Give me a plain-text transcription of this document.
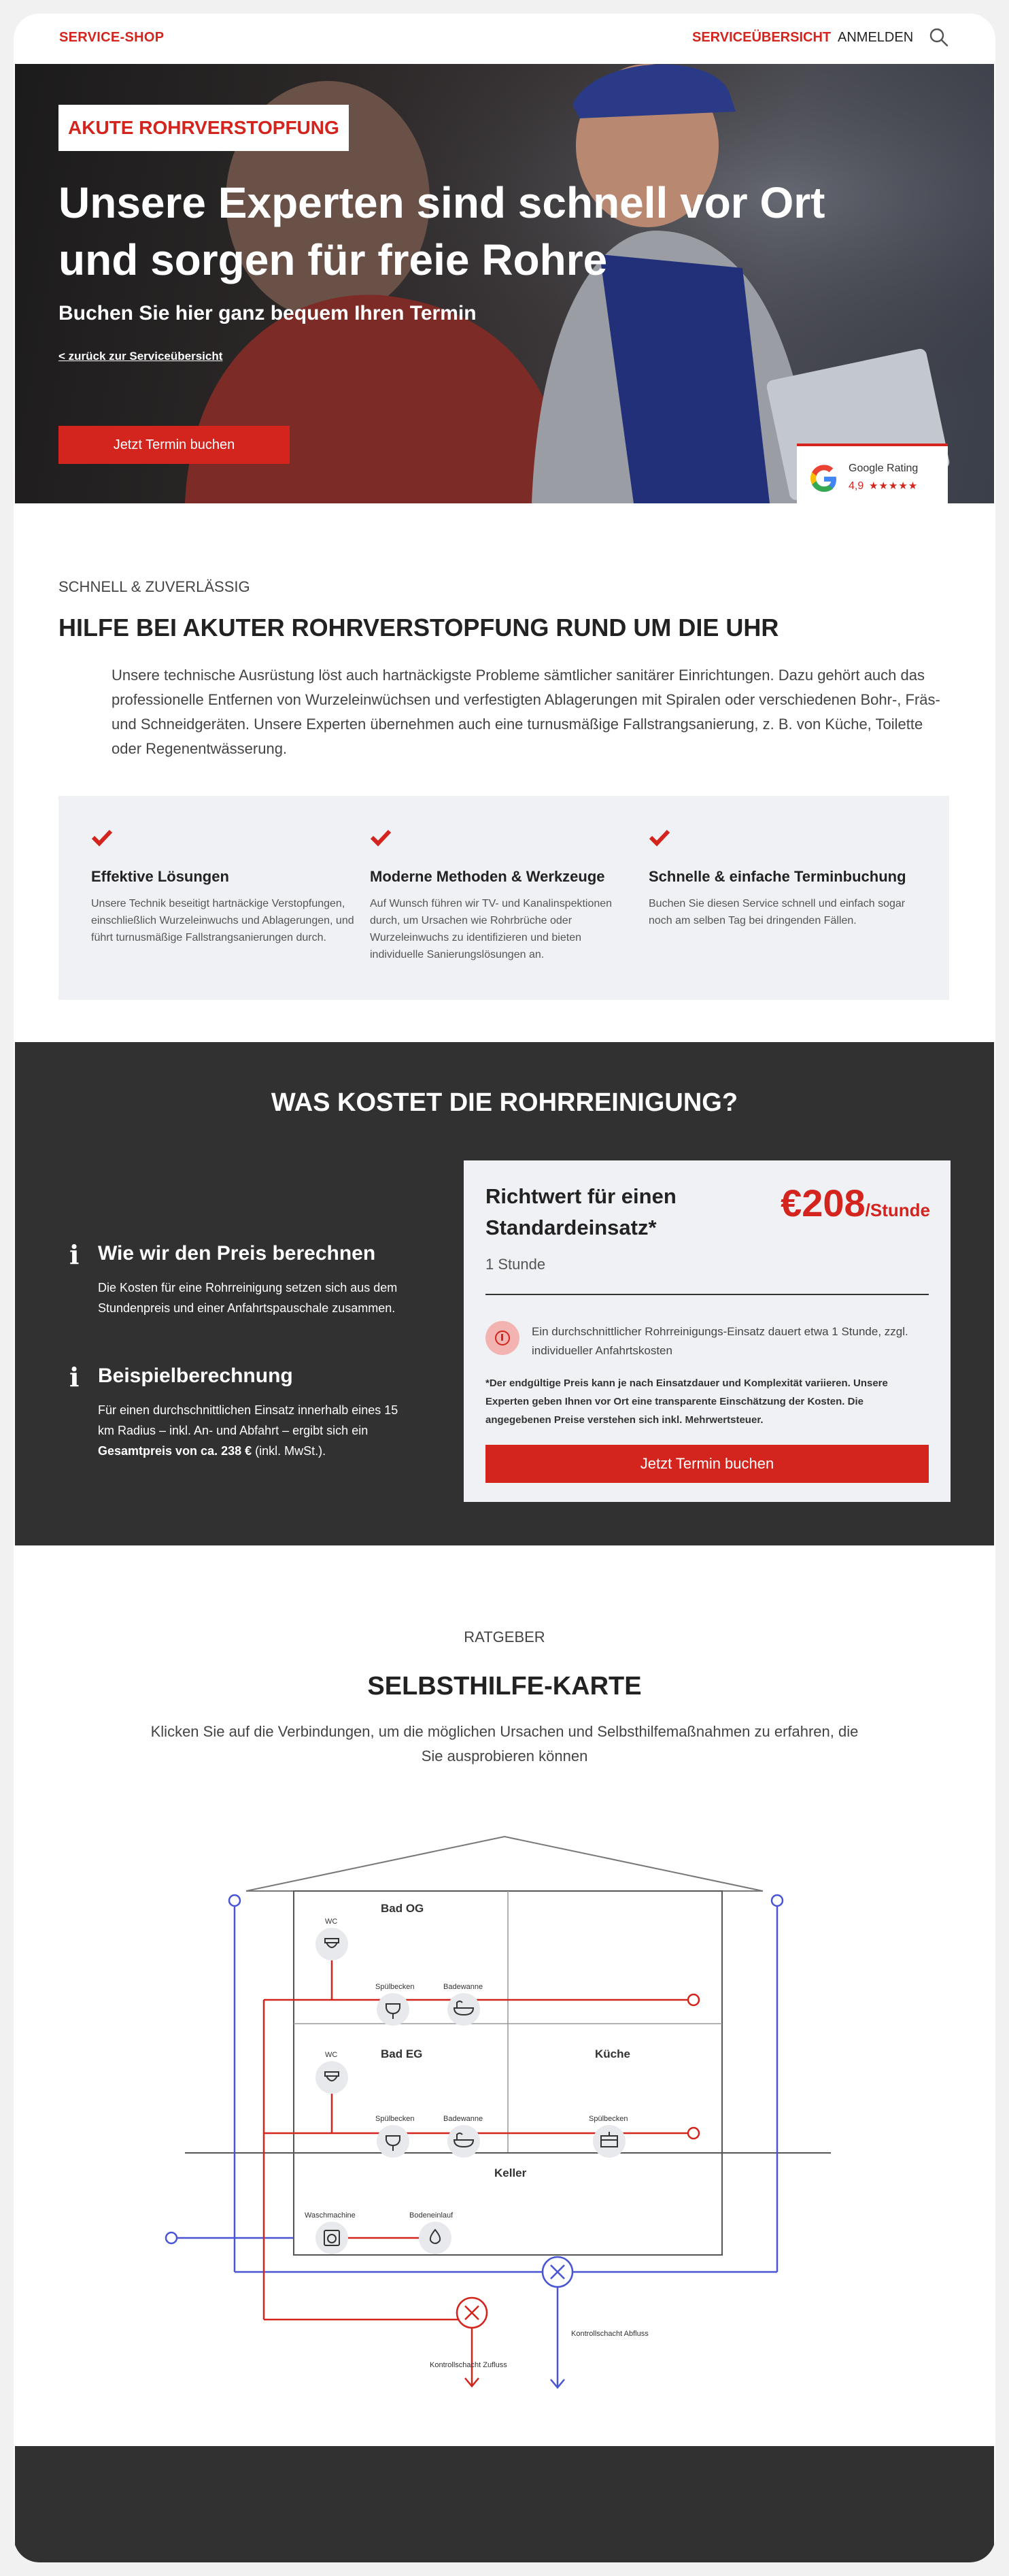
SERVICE-SHOP	SERVICEÜBERSICHT ANMELDEN
AKUTE ROHRVERSTOPFUNG
Unsere Experten sind schnell vor Ort und sorgen für freie Rohre
Buchen Sie hier ganz bequem Ihren Termin
< zurück zur Serviceübersicht
Jetzt Termin buchen
Google Rating
4,9 ★★★★★
SCHNELL & ZUVERLÄSSIG
HILFE BEI AKUTER ROHRVERSTOPFUNG RUND UM DIE UHR
Unsere technische Ausrüstung löst auch hartnäckigste Probleme sämtlicher sanitärer Einrichtungen. Dazu gehört auch das professionelle Entfernen von Wurzeleinwüchsen und verfestigten Ablagerungen mit Spiralen oder verschiedenen Bohr-, Fräs- und Schneidgeräten. Unsere Experten übernehmen auch eine turnusmäßige Fallstrangsanierung, z. B. von Küche, Toilette oder Regenentwässerung.
Effektive Lösungen
Unsere Technik beseitigt hartnäckige Verstopfungen, einschließlich Wurzeleinwuchs und Ablagerungen, und führt turnusmäßige Fallstrangsanierungen durch.
Moderne Methoden & Werkzeuge
Auf Wunsch führen wir TV- und Kanalinspektionen durch, um Ursachen wie Rohrbrüche oder Wurzeleinwuchs zu identifizieren und bieten individuelle Sanierungslösungen an.
Schnelle & einfache Terminbuchung
Buchen Sie diesen Service schnell und einfach sogar noch am selben Tag bei dringenden Fällen.
WAS KOSTET DIE ROHRREINIGUNG?
i Wie wir den Preis berechnen
Die Kosten für eine Rohrreinigung setzen sich aus dem Stundenpreis und einer Anfahrtspauschale zusammen.
i Beispielberechnung
Für einen durchschnittlichen Einsatz innerhalb eines 15 km Radius – inkl. An- und Abfahrt – ergibt sich ein Gesamtpreis von ca. 238 € (inkl. MwSt.).
Richtwert für einen Standardeinsatz*
€208/Stunde
1 Stunde
Ein durchschnittlicher Rohrreinigungs-Einsatz dauert etwa 1 Stunde, zzgl. individueller Anfahrtskosten
*Der endgültige Preis kann je nach Einsatzdauer und Komplexität variieren. Unsere Experten geben Ihnen vor Ort eine transparente Einschätzung der Kosten. Die angegebenen Preise verstehen sich inkl. Mehrwertsteuer.
Jetzt Termin buchen
RATGEBER
SELBSTHILFE-KARTE
Klicken Sie auf die Verbindungen, um die möglichen Ursachen und Selbsthilfemaßnahmen zu erfahren, die Sie ausprobieren können
Bad OG
Bad EG	Küche
Keller
Kontrollschacht Abfluss
Kontrollschacht Zufluss
WC
Spülbecken	Badewanne
WC
Spülbecken	Badewanne	Spülbecken
Waschmachine	Bodeneinlauf
